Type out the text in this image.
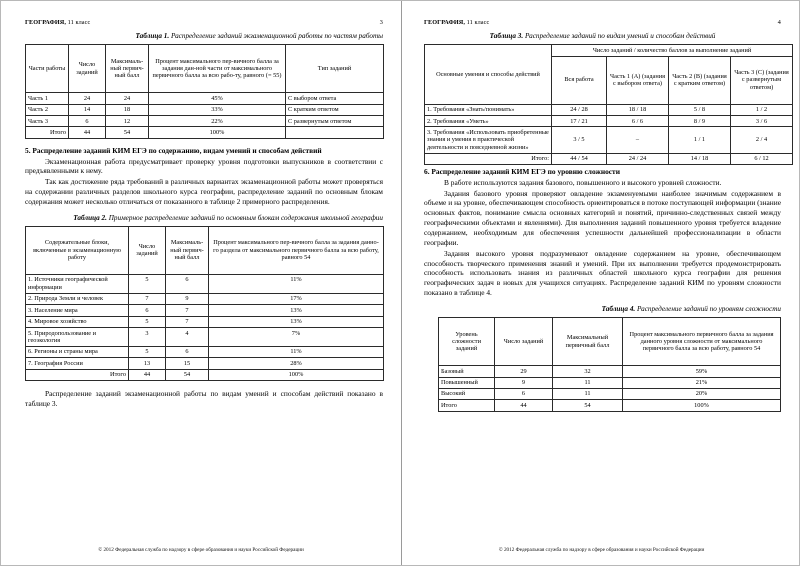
ГЕОГРАФИЯ, 11 класс	3
Таблица 1. Распределение заданий экзаменационной работы по частям работы
Части работы	Число заданий	Максималь-ный первич-ный балл	Процент максимального пер-вичного балла за задания дан-ной части от максимального первичного балла за всю рабо-ту, равного (= 55)	Тип заданий
Часть 1	24	24	45%	С выбором ответа
Часть 2	14	18	33%	С кратким ответом
Часть 3	6	12	22%	С развернутым ответом
Итого	44	54	100%	
5. Распределение заданий КИМ ЕГЭ по содержанию, видам умений и способам действий

Экзаменационная работа предусматривает проверку уровня подготовки выпускников в соответствии с предъявленными к нему.

Так как достижение ряда требований в различных вариантах экзаменационной работы может проверяться на содержании различных разделов школьного курса географии, распределение заданий по основным блокам содержания может несколько отличаться от показанного в таблице 2 примерного распределения.

Таблица 2. Примерное распределение заданий по основным блокам содержания школьной географии
Содержательные блоки, включенные в экзаменационную работу	Число заданий	Максималь-ный первич-ный балл	Процент максимального пер-вичного балла за задания данно-го раздела от максимального первичного балла за всю работу, равного 54
1. Источники географической информации	5	6	11%
2. Природа Земли и человек	7	9	17%
3. Население мира	6	7	13%
4. Мировое хозяйство	5	7	13%
5. Природопользование и геоэкология	3	4	7%
6. Регионы и страны мира	5	6	11%
7. География России	13	15	28%
Итого	44	54	100%

Распределение заданий экзаменационной работы по видам умений и способам действий показано в таблице 3.

© 2012 Федеральная служба по надзору в сфере образования и науки Российской Федерации
ГЕОГРАФИЯ, 11 класс	4
Таблица 3. Распределение заданий по видам умений и способам действий
Основные умения и способы действий	Число заданий / количество баллов за выполнение заданий			
	Вся работа	Часть 1 (А) (задания с выбором ответа)	Часть 2 (В) (задания с кратким ответом)	Часть 3 (С) (задания с развернутым ответом)
1. Требования «Знать/понимать»	24 / 28	18 / 18	5 / 8	1 / 2
2. Требования «Уметь»	17 / 21	6 / 6	8 / 9	3 / 6
3. Требования «Использовать приобретенные знания и умения в практической деятельности и повседневной жизни»	3 / 5	–	1 / 1	2 / 4
Итого:	44 / 54	24 / 24	14 / 18	6 / 12
6. Распределение заданий КИМ ЕГЭ по уровню сложности

В работе используются задания базового, повышенного и высокого уровней сложности.

Задания базового уровня проверяют овладение экзаменуемыми наиболее значимым содержанием в объеме и на уровне, обеспечивающем способность ориентироваться в потоке поступающей информации (знание основных фактов, понимание смысла основных категорий и понятий, причинно-следственных связей между географическими объектами и явлениями). Для выполнения заданий повышенного уровня требуется владение содержанием, необходимым для обеспечения успешности дальнейшей профессионализации в области географии.

Задания высокого уровня подразумевают овладение содержанием на уровне, обеспечивающем способность творческого применения знаний и умений. При их выполнении требуется продемонстрировать способность использовать знания из различных областей школьного курса географии для решения географических задач в новых для учащихся ситуациях. Распределение заданий КИМ по уровням сложности показано в таблице 4.

Таблица 4. Распределение заданий по уровням сложности
Уровень сложности заданий	Число заданий	Максимальный первичный балл	Процент максимального первичного балла за задания данного уровня сложности от максимального первичного балла за всю работу, равного 54
Базовый	29	32	59%
Повышенный	9	11	21%
Высокий	6	11	20%
Итого	44	54	100%
© 2012 Федеральная служба по надзору в сфере образования и науки Российской Федерации
